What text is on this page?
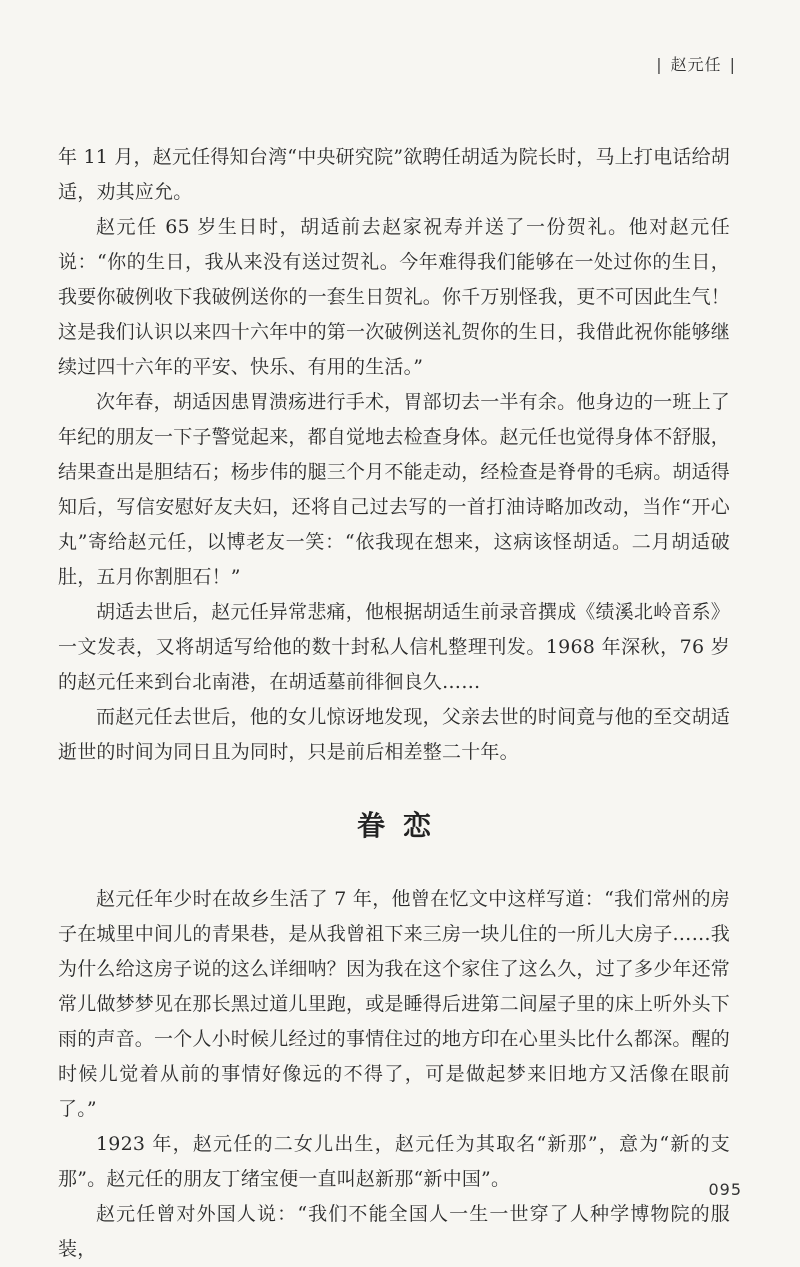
| 赵元任 |

年 11 月，赵元任得知台湾“中央研究院”欲聘任胡适为院长时，马上打电话给胡适，劝其应允。

赵元任 65 岁生日时，胡适前去赵家祝寿并送了一份贺礼。他对赵元任说：“你的生日，我从来没有送过贺礼。今年难得我们能够在一处过你的生日，我要你破例收下我破例送你的一套生日贺礼。你千万别怪我，更不可因此生气！这是我们认识以来四十六年中的第一次破例送礼贺你的生日，我借此祝你能够继续过四十六年的平安、快乐、有用的生活。”

次年春，胡适因患胃溃疡进行手术，胃部切去一半有余。他身边的一班上了年纪的朋友一下子警觉起来，都自觉地去检查身体。赵元任也觉得身体不舒服，结果查出是胆结石；杨步伟的腿三个月不能走动，经检查是脊骨的毛病。胡适得知后，写信安慰好友夫妇，还将自己过去写的一首打油诗略加改动，当作“开心丸”寄给赵元任，以博老友一笑：“依我现在想来，这病该怪胡适。二月胡适破肚，五月你割胆石！”

胡适去世后，赵元任异常悲痛，他根据胡适生前录音撰成《绩溪北岭音系》一文发表，又将胡适写给他的数十封私人信札整理刊发。1968 年深秋，76 岁的赵元任来到台北南港，在胡适墓前徘徊良久……

而赵元任去世后，他的女儿惊讶地发现，父亲去世的时间竟与他的至交胡适逝世的时间为同日且为同时，只是前后相差整二十年。

眷恋

赵元任年少时在故乡生活了 7 年，他曾在忆文中这样写道：“我们常州的房子在城里中间儿的青果巷，是从我曾祖下来三房一块儿住的一所儿大房子……我为什么给这房子说的这么详细呐？因为我在这个家住了这么久，过了多少年还常常儿做梦梦见在那长黑过道儿里跑，或是睡得后进第二间屋子里的床上听外头下雨的声音。一个人小时候儿经过的事情住过的地方印在心里头比什么都深。醒的时候儿觉着从前的事情好像远的不得了，可是做起梦来旧地方又活像在眼前了。”

1923 年，赵元任的二女儿出生，赵元任为其取名“新那”，意为“新的支那”。赵元任的朋友丁绪宝便一直叫赵新那“新中国”。

赵元任曾对外国人说：“我们不能全国人一生一世穿了人种学博物院的服装，

095
